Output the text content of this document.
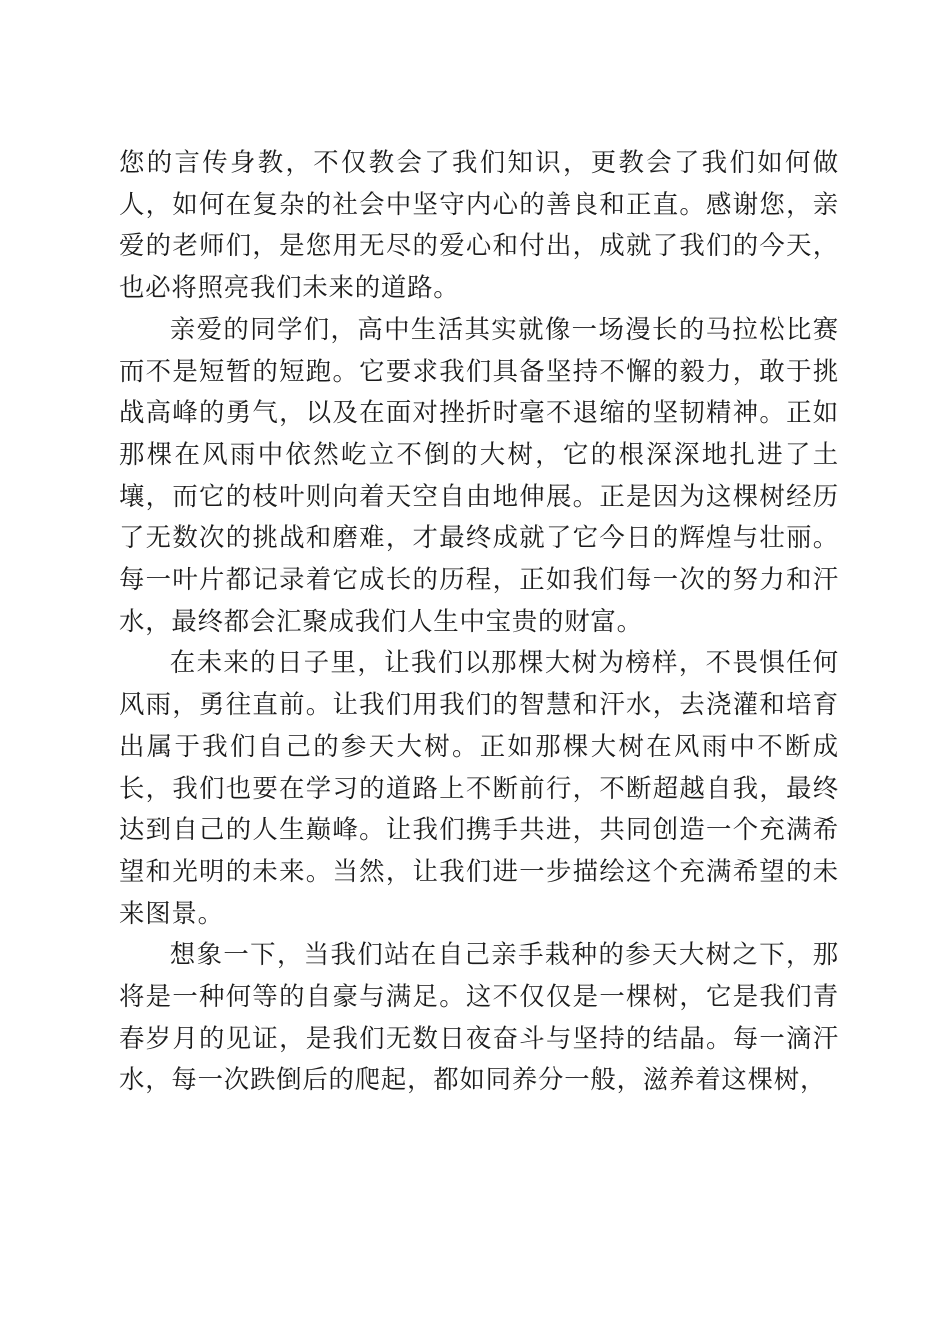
您的言传身教，不仅教会了我们知识，更教会了我们如何做人，如何在复杂的社会中坚守内心的善良和正直。感谢您，亲爱的老师们，是您用无尽的爱心和付出，成就了我们的今天，也必将照亮我们未来的道路。

亲爱的同学们，高中生活其实就像一场漫长的马拉松比赛而不是短暂的短跑。它要求我们具备坚持不懈的毅力，敢于挑战高峰的勇气，以及在面对挫折时毫不退缩的坚韧精神。正如那棵在风雨中依然屹立不倒的大树，它的根深深地扎进了土壤，而它的枝叶则向着天空自由地伸展。正是因为这棵树经历了无数次的挑战和磨难，才最终成就了它今日的辉煌与壮丽。每一叶片都记录着它成长的历程，正如我们每一次的努力和汗水，最终都会汇聚成我们人生中宝贵的财富。

在未来的日子里，让我们以那棵大树为榜样，不畏惧任何风雨，勇往直前。让我们用我们的智慧和汗水，去浇灌和培育出属于我们自己的参天大树。正如那棵大树在风雨中不断成长，我们也要在学习的道路上不断前行，不断超越自我，最终达到自己的人生巅峰。让我们携手共进，共同创造一个充满希望和光明的未来。当然，让我们进一步描绘这个充满希望的未来图景。

想象一下，当我们站在自己亲手栽种的参天大树之下，那将是一种何等的自豪与满足。这不仅仅是一棵树，它是我们青春岁月的见证，是我们无数日夜奋斗与坚持的结晶。每一滴汗水，每一次跌倒后的爬起，都如同养分一般，滋养着这棵树，
